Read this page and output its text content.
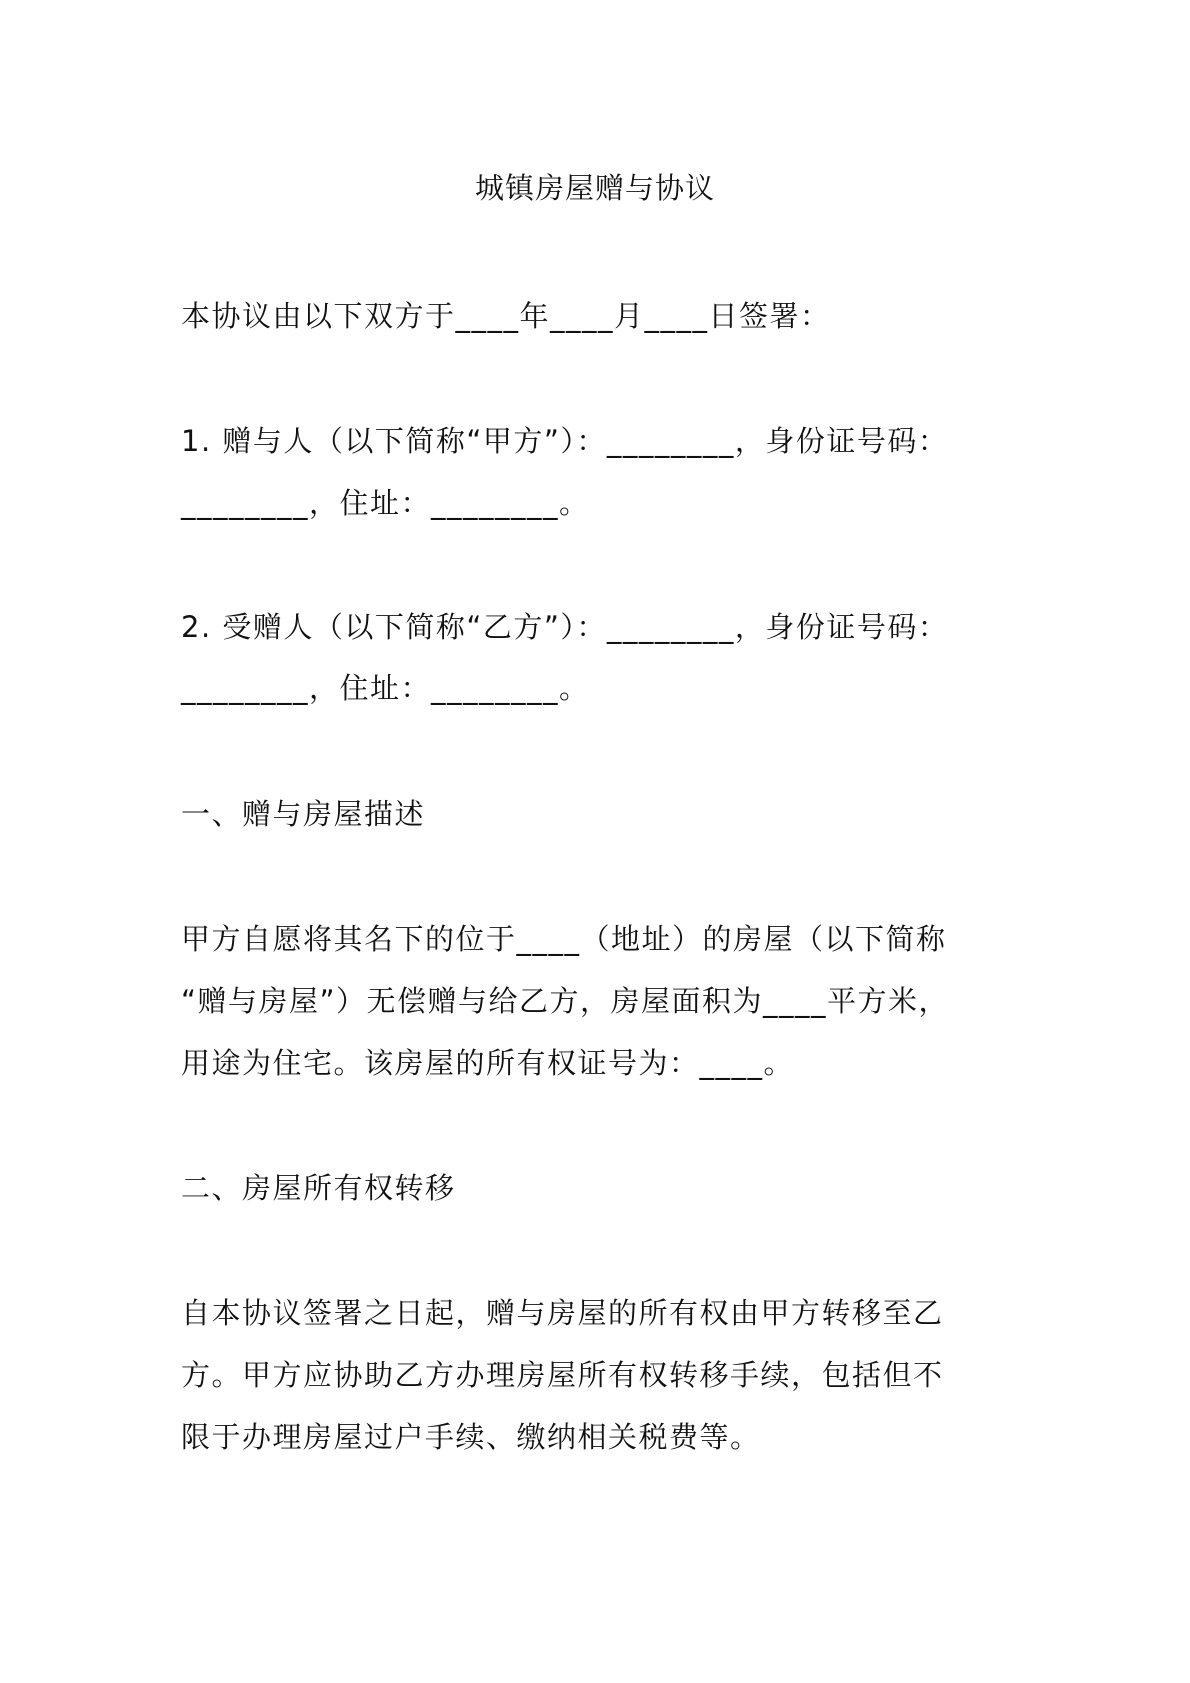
城镇房屋赠与协议
本协议由以下双方于____年____月____日签署：
1. 赠与人（以下简称“甲方”）：________，身份证号码：
________，住址：________。
2. 受赠人（以下简称“乙方”）：________，身份证号码：
________，住址：________。
一、赠与房屋描述
甲方自愿将其名下的位于____（地址）的房屋（以下简称
“赠与房屋”）无偿赠与给乙方，房屋面积为____平方米，
用途为住宅。该房屋的所有权证号为：____。
二、房屋所有权转移
自本协议签署之日起，赠与房屋的所有权由甲方转移至乙
方。甲方应协助乙方办理房屋所有权转移手续，包括但不
限于办理房屋过户手续、缴纳相关税费等。
